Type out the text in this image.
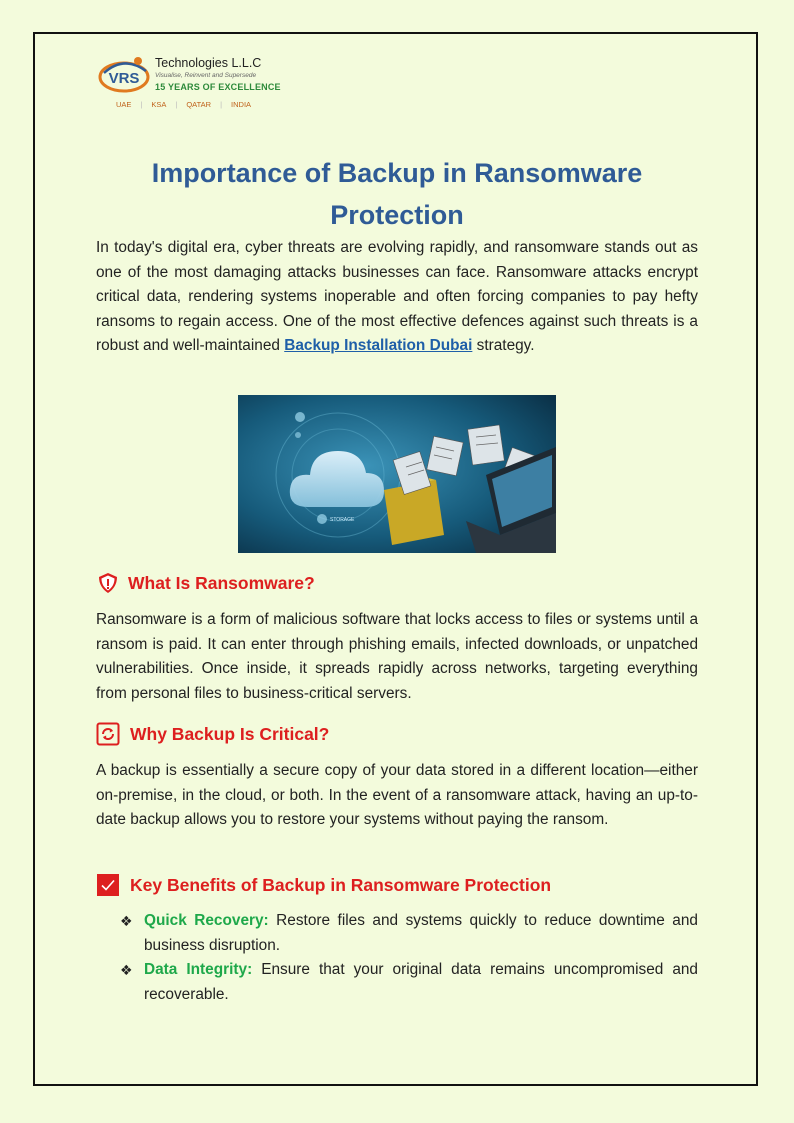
VRS
Technologies L.L.C
Visualise, Reinvent and Supersede
15 YEARS OF EXCELLENCE
UAE | KSA | QATAR | INDIA
Importance of Backup in Ransomware Protection

In today's digital era, cyber threats are evolving rapidly, and ransomware stands out as one of the most damaging attacks businesses can face. Ransomware attacks encrypt critical data, rendering systems inoperable and often forcing companies to pay hefty ransoms to regain access. One of the most effective defences against such threats is a robust and well-maintained Backup Installation Dubai strategy.

STORAGE
What Is Ransomware?

Ransomware is a form of malicious software that locks access to files or systems until a ransom is paid. It can enter through phishing emails, infected downloads, or unpatched vulnerabilities. Once inside, it spreads rapidly across networks, targeting everything from personal files to business-critical servers.

Why Backup Is Critical?

A backup is essentially a secure copy of your data stored in a different location—either on-premise, in the cloud, or both. In the event of a ransomware attack, having an up-to-date backup allows you to restore your systems without paying the ransom.

Key Benefits of Backup in Ransomware Protection
❖ Quick Recovery: Restore files and systems quickly to reduce downtime and business disruption.
❖ Data Integrity: Ensure that your original data remains uncompromised and recoverable.
